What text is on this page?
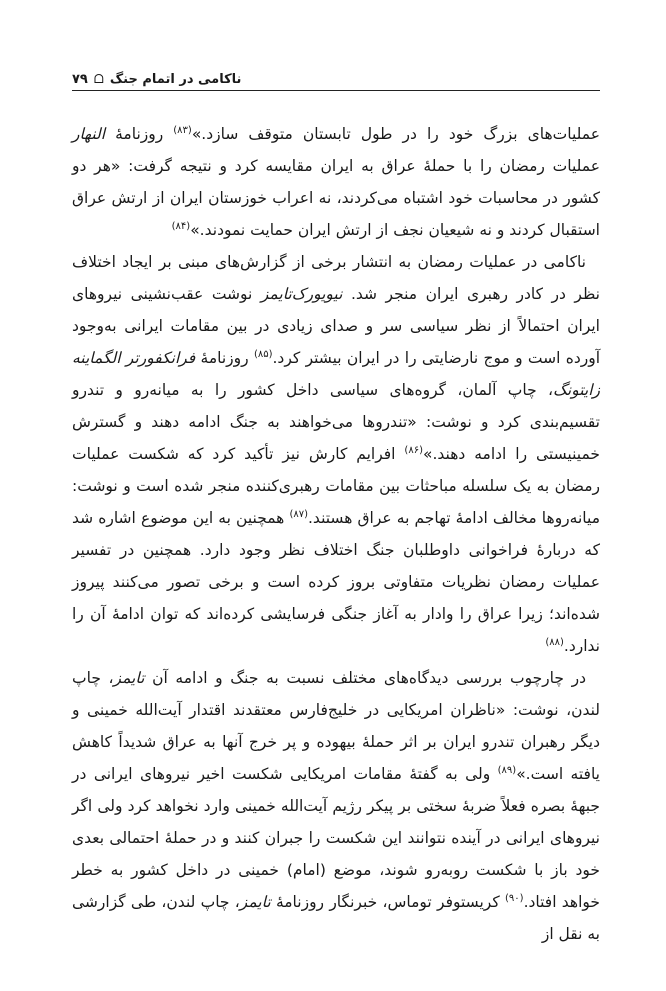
۷۹ ᗝ ناکامی در اتمام جنگ

عملیات‌های بزرگ خود را در طول تابستان متوقف سازد.»$^{(۸۳)}$ روزنامهٔ النهار عملیات رمضان را با حملهٔ عراق به ایران مقایسه کرد و نتیجه گرفت: «هر دو کشور در محاسبات خود اشتباه می‌کردند، نه اعراب خوزستان ایران از ارتش عراق استقبال کردند و نه شیعیان نجف از ارتش ایران حمایت نمودند.»$^{(۸۴)}$

ناکامی در عملیات رمضان به انتشار برخی از گزارش‌های مبنی بر ایجاد اختلاف نظر در کادر رهبری ایران منجر شد. نیویورک‌تایمز نوشت عقب‌نشینی نیروهای ایران احتمالاً از نظر سیاسی سر و صدای زیادی در بین مقامات ایرانی به‌وجود آورده است و موج نارضایتی را در ایران بیشتر کرد.$^{(۸۵)}$ روزنامهٔ فرانکفورتر الگماینه زایتونگ، چاپ آلمان، گروه‌های سیاسی داخل کشور را به میانه‌رو و تندرو تقسیم‌بندی کرد و نوشت: «تندروها می‌خواهند به جنگ ادامه دهند و گسترش خمینیستی را ادامه دهند.»$^{(۸۶)}$ افرایم کارش نیز تأکید کرد که شکست عملیات رمضان به یک سلسله مباحثات بین مقامات رهبری‌کننده منجر شده است و نوشت: میانه‌روها مخالف ادامهٔ تهاجم به عراق هستند.$^{(۸۷)}$ همچنین به این موضوع اشاره شد که دربارهٔ فراخوانی داوطلبان جنگ اختلاف نظر وجود دارد. همچنین در تفسیر عملیات رمضان نظریات متفاوتی بروز کرده است و برخی تصور می‌کنند پیروز شده‌اند؛ زیرا عراق را وادار به آغاز جنگی فرسایشی کرده‌اند که توان ادامهٔ آن را ندارد.$^{(۸۸)}$

در چارچوب بررسی دیدگاه‌های مختلف نسبت به جنگ و ادامه آن تایمز، چاپ لندن، نوشت: «ناظران امریکایی در خلیج‌فارس معتقدند اقتدار آیت‌الله خمینی و دیگر رهبران تندرو ایران بر اثر حملهٔ بیهوده و پر خرج آنها به عراق شدیداً کاهش یافته است.»$^{(۸۹)}$ ولی به گفتهٔ مقامات امریکایی شکست اخیر نیروهای ایرانی در جبههٔ بصره فعلاً ضربهٔ سختی بر پیکر رژیم آیت‌الله خمینی وارد نخواهد کرد ولی اگر نیروهای ایرانی در آینده نتوانند این شکست را جبران کنند و در حملهٔ احتمالی بعدی خود باز با شکست روبه‌رو شوند، موضع (امام) خمینی در داخل کشور به خطر خواهد افتاد.$^{(۹۰)}$ کریستوفر توماس، خبرنگار روزنامهٔ تایمز، چاپ لندن، طی گزارشی به نقل از
